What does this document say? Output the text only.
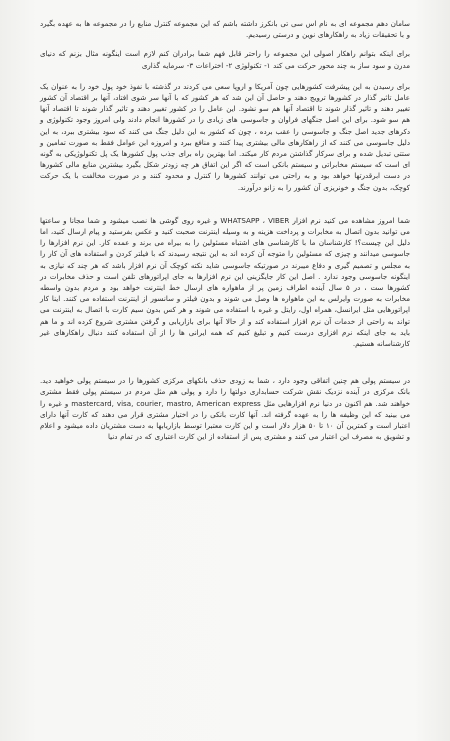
سامان دهم مجموعه ای به نام اس سی تی بانکرز داشته باشم که این مجموعه کنترل منابع را در مجموعه ها به عهده بگیرد و با تحقیقات زیاد به راهکارهای نوین و درستی رسیدیم.

برای اینکه بتوانم راهکار اصولی این مجموعه را راحتر قابل فهم شما برادران کنم لازم است اینگونه مثال بزنم که دنیای مدرن و سود ساز به چند محور حرکت می کند ۱- تکنولوژی ۲- اختراعات ۳- سرمایه گذاری

برای رسیدن به این پیشرفت کشورهایی چون آمریکا و اروپا سعی می کردند در گذشته با نفوذ خود پول خود را به عنوان یک عامل تاثیر گذار در کشورها ترویج دهند و حاصل آن این شد که هر کشور که با آنها سر شوی افتاد، آنها بر اقتصاد آن کشور تغییر دهند و تاثیر گذار شوند تا اقتصاد آنها هم سو نشود. این عامل را در کشور تغییر دهند و تاثیر گذار شوند تا اقتصاد آنها هم سو شود. برای این اصل جنگهای فراوان و جاسوسی های زیادی را در کشورها انجام دادند ولی امروز وجود تکنولوژی و دکرهای جدید اصل جنگ و جاسوسی را عقب برده ، چون که کشور به این دلیل جنگ می کنند که سود بیشتری ببرد، به این دلیل جاسوسی می کنند که از راهکارهای مالی بیشتری پیدا کنند و منافع ببرد و امروزه این عوامل فقط به صورت تمامین و ستتی تبدیل شده و برای سرکار گذاشتن مردم کار میکند. اما بهترین راه برای جذب پول کشورها یک پل تکنولوژیکی به گونه ای است که سیستم مخابراتی و سیستم بانکی است که اگر این اتفاق هر چه زودتر شکل بگیرد بیشترین منابع مالی کشورها در دست ابرقدرتها خواهد بود و به راحتی می توانند کشورها را کنترل و محدود کنند و در صورت مخالفت با یک حرکت کوچک، بدون جنگ و خونریزی آن کشور را به زانو درآورند.

شما امروز مشاهده می کنید نرم افزار WHATSAPP ، VIBER و غیره روی گوشی ها نصب میشود و شما مجانا و ساعتها می توانید بدون اتصال به مخابرات و پرداخت هزینه و به وسیله اینترنت صحبت کنید و عکس بفرستید و پیام ارسال کنید، اما دلیل این چیست؟! کارشناسان ما با کارشناسی های اشتباه مسئولین را به بیراه می برند و عمده کار. این نرم افزارها را جاسوسی میدانند و چیزی که مسئولین را متوجه آن کرده اند به این نتیجه رسیدند که با فیلتر کردن و استفاده های آن کار را به مجلس و تصمیم گیری و دفاع میبرند در صورتیکه جاسوسی شاید نکته کوچک آن نرم افزار باشد که هر چند که نیازی به اینگونه جاسوسی وجود ندارد . اصل این کار جایگزینی این نرم افزارها به جای اپراتورهای تلفن است و حذف مخابرات در کشورها ست ، در ۵ سال آینده اطراف زمین پر از ماهواره های ارسال خط اینترنت خواهد بود و مردم بدون واسطه مخابرات به صورت وایرلس به این ماهواره ها وصل می شوند و بدون فیلتر و سانسور از اینترنت استفاده می کنند. اینا کار اپراتورهایی مثل ایرانسل، همراه اول، رایتل و غیره با استفاده می شوند و هر کس بدون سیم کارت با اتصال به اینترنت می تواند به راحتی از خدمات آن نرم افزار استفاده کند و از حالا آنها برای بازاریابی و گرفتن مشتری شروع کرده اند و ما هم باید به جای اینکه نرم افزاری درست کنیم و تبلیغ کنیم که همه ایرانی ها را از آن استفاده کنند دنبال راهکارهای غیر کارشناسانه هستیم.

در سیستم پولی هم چنین اتفاقی وجود دارد ، شما به زودی حذف بانکهای مرکزی کشورها را در سیستم پولی خواهید دید. بانک مرکزی در آینده نزدیک نقش شرکت حسابداری دولتها را دارد و پولی هم مثل مردم در سیستم پولی فقط مشتری خواهند شد. هم اکنون در دنیا نرم افزارهایی مثل mastercard, visa, courier, mastro, American express و غیره را می بینید که این وظیفه ها را به عهده گرفته اند. آنها کارت بانکی را در اختیار مشتری قرار می دهند که کارت آنها دارای اعتبار است و کمترین آن ۱۰ تا ۵۰ هزار دلار است و این کارت معتبرا توسط بازاریابها به دست مشتریان داده میشود و اعلام و تشویق به مصرف این اعتبار می کنند و مشتری پس از استفاده از این کارت اعتباری که در تمام دنیا
